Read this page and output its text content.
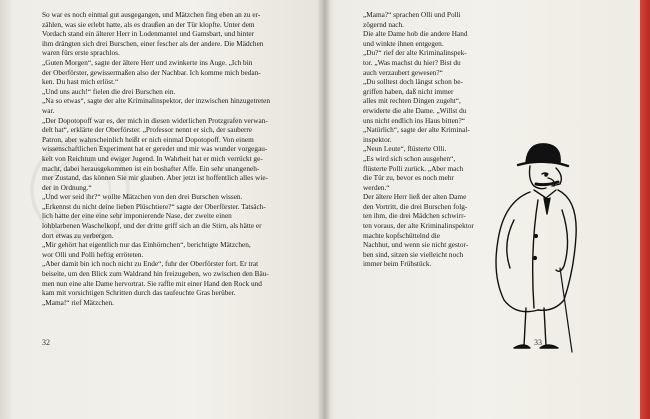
So war es noch einmal gut ausgegangen, und Mätzchen fing eben an zu er-

zählen, was sie erlebt hatte, als es draußen an der Tür klopfte. Unter dem

Vordach stand ein älterer Herr in Lodenmantel und Gamsbart, und hinter

ihm drängten sich drei Burschen, einer fescher als der andere. Die Mädchen

waren fürs erste sprachlos.

„Guten Morgen“, sagte der ältere Herr und zwinkerte ins Auge. „Ich bin

der Oberförster, gewissermaßen also der Nachbar. Ich komme mich bedan-

ken. Du hast mich erlöst.“

„Und uns auch!“ fielen die drei Burschen ein.

„Na so etwas“, sagte der alte Kriminalinspektor, der inzwischen hinzugetreten

war.

„Der Dopotopoff war es, der mich in diesen widerlichen Protzgrafen verwan-

delt hat“, erklärte der Oberförster. „Professor nennt er sich, der sauberre

Patron, aber wahrscheinlich heißt er nich einmal Dopotopoff. Von einem

wissenschaftlichen Experiment hat er geredet und mir was wunder vorgegau-

kelt von Reichtum und ewiger Jugend. In Wahrheit hat er mich verrückt ge-

macht, dabei herausgekommen ist ein boshafter Affe. Ein sehr unangeneh-

mer Zustand, das können Sie mir glauben. Aber jetzt ist hoffentlich alles wie-

der in Ordnung.“

„Und wer seid ihr?“ wollte Mätzchen von den drei Burschen wissen.

„Erkennst du nicht deine lieben Plüschtiere?“ sagte der Oberförster. Tatsäch-

lich hatte der eine eine sehr imponierende Nase, der zweite einen

lohblarbenen Waschelkopf, und der dritte griff sich an die Stirn, als hätte er

dort etwas zu verbergen.

„Mir gehört hat eigentlich nur das Einhörnchen“, berichtigte Mätzchen,

wor Olli und Polli heftig erröteten.

„Aber damit bin ich noch nicht zu Ende“, fuhr der Oberförster fort. Er trat

beiseite, um den Blick zum Waldrand hin freizugeben, wo zwischen den Bäu-

men nun eine alte Dame hervortrat. Sie raffte mit einer Hand den Rock und

kam mit vorsichtigen Schritten durch das taufeuchte Gras herüber.

„Mama!“ rief Mätzchen.

32

„Mama?“ sprachen Olli und Polli

zögernd nach.

Die alte Dame hob die andere Hand

und winkte ihnen entgegen.

„Du?“ rief der alte Kriminalinspek-

tor. „Was machst du hier? Bist du

auch verzaubert gewesen?“

„Du solltest doch längst schon be-

griffen haben, daß nicht immer

alles mit rechten Dingen zugeht“,

erwiderte die alte Dame. „Willst du

uns nicht endlich ins Haus bitten?“

„Natürlich“, sagte der alte Kriminal-

inspektor.

„Neun Leute“, flüsterte Olli.

„Es wird sich schon ausgehen“,

flüsterte Polli zurück. „Aber mach

die Tür zu, bevor es noch mehr

werden.“

Der ältere Herr ließ der alten Dame

den Vortritt, die drei Burschen folg-

ten ihm, die drei Mädchen schwirr-

ten voraus, der alte Kriminalinspektor

machte kopfschüttelnd die

Nachhut, und wenn sie nicht gestor-

ben sind, sitzen sie vielleicht noch

immer beim Frühstück.

33
